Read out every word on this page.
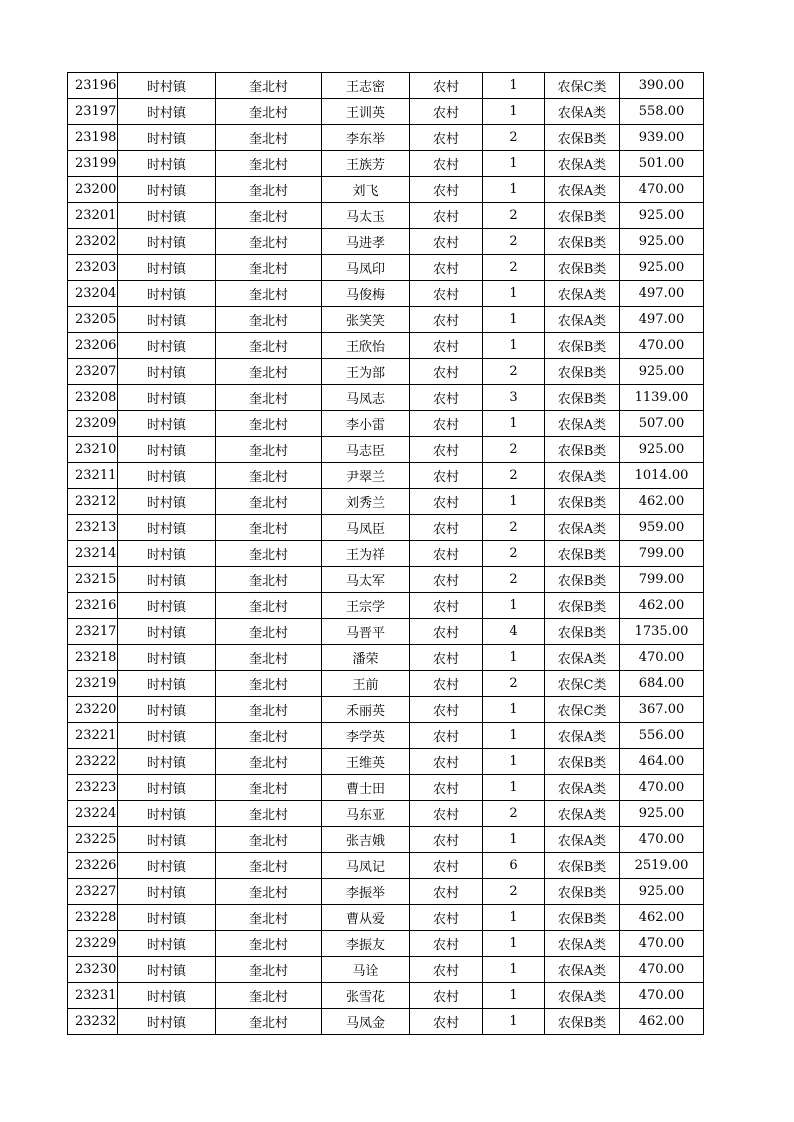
23196	时村镇	奎北村	王志密	农村	1	农保C类	390.00
23197	时村镇	奎北村	王训英	农村	1	农保A类	558.00
23198	时村镇	奎北村	李东举	农村	2	农保B类	939.00
23199	时村镇	奎北村	王族芳	农村	1	农保A类	501.00
23200	时村镇	奎北村	刘飞	农村	1	农保A类	470.00
23201	时村镇	奎北村	马太玉	农村	2	农保B类	925.00
23202	时村镇	奎北村	马进孝	农村	2	农保B类	925.00
23203	时村镇	奎北村	马凤印	农村	2	农保B类	925.00
23204	时村镇	奎北村	马俊梅	农村	1	农保A类	497.00
23205	时村镇	奎北村	张笑笑	农村	1	农保A类	497.00
23206	时村镇	奎北村	王欣怡	农村	1	农保B类	470.00
23207	时村镇	奎北村	王为部	农村	2	农保B类	925.00
23208	时村镇	奎北村	马凤志	农村	3	农保B类	1139.00
23209	时村镇	奎北村	李小雷	农村	1	农保A类	507.00
23210	时村镇	奎北村	马志臣	农村	2	农保B类	925.00
23211	时村镇	奎北村	尹翠兰	农村	2	农保A类	1014.00
23212	时村镇	奎北村	刘秀兰	农村	1	农保B类	462.00
23213	时村镇	奎北村	马凤臣	农村	2	农保A类	959.00
23214	时村镇	奎北村	王为祥	农村	2	农保B类	799.00
23215	时村镇	奎北村	马太军	农村	2	农保B类	799.00
23216	时村镇	奎北村	王宗学	农村	1	农保B类	462.00
23217	时村镇	奎北村	马晋平	农村	4	农保B类	1735.00
23218	时村镇	奎北村	潘荣	农村	1	农保A类	470.00
23219	时村镇	奎北村	王前	农村	2	农保C类	684.00
23220	时村镇	奎北村	禾丽英	农村	1	农保C类	367.00
23221	时村镇	奎北村	李学英	农村	1	农保A类	556.00
23222	时村镇	奎北村	王维英	农村	1	农保B类	464.00
23223	时村镇	奎北村	曹士田	农村	1	农保A类	470.00
23224	时村镇	奎北村	马东亚	农村	2	农保A类	925.00
23225	时村镇	奎北村	张吉娥	农村	1	农保A类	470.00
23226	时村镇	奎北村	马凤记	农村	6	农保B类	2519.00
23227	时村镇	奎北村	李振举	农村	2	农保B类	925.00
23228	时村镇	奎北村	曹从爱	农村	1	农保B类	462.00
23229	时村镇	奎北村	李振友	农村	1	农保A类	470.00
23230	时村镇	奎北村	马诠	农村	1	农保A类	470.00
23231	时村镇	奎北村	张雪花	农村	1	农保A类	470.00
23232	时村镇	奎北村	马凤金	农村	1	农保B类	462.00
